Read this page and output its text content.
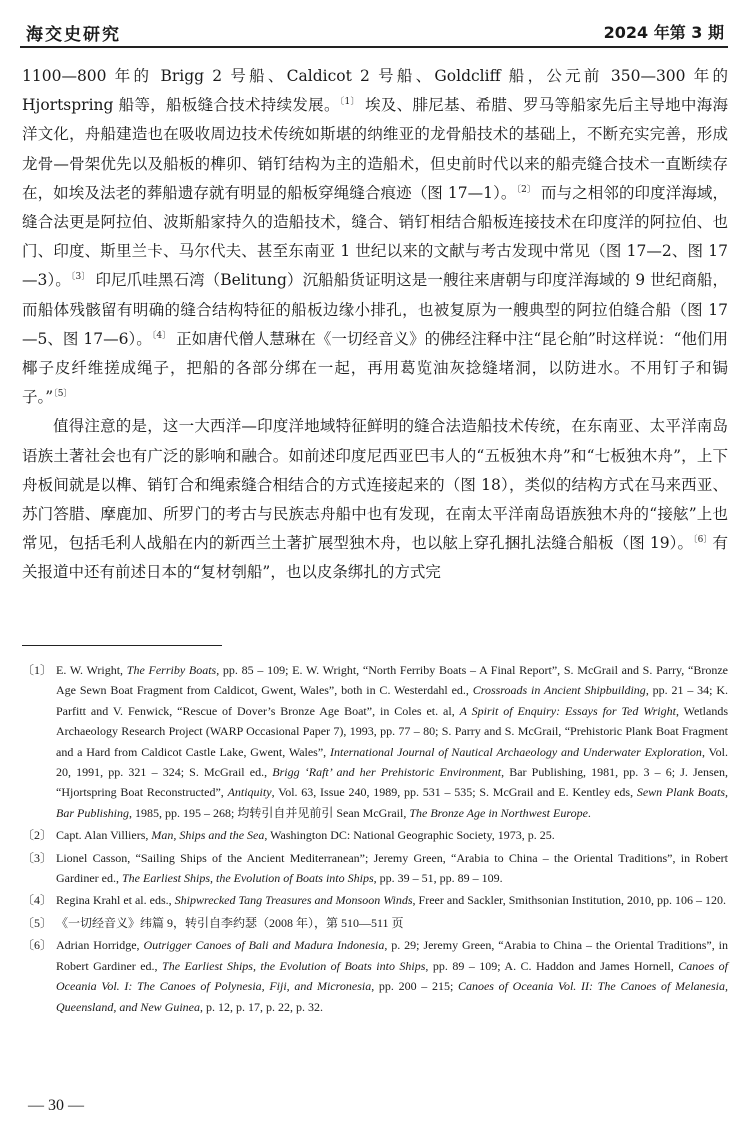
海交史研究	2024 年第 3 期

1100—800 年的 Brigg 2 号船、Caldicot 2 号船、Goldcliff 船，公元前 350—300 年的 Hjortspring 船等，船板缝合技术持续发展。$^{〔1〕}$ 埃及、腓尼基、希腊、罗马等船家先后主导地中海海洋文化，舟船建造也在吸收周边技术传统如斯堪的纳维亚的龙骨船技术的基础上，不断充实完善，形成龙骨—骨架优先以及船板的榫卯、销钉结构为主的造船术，但史前时代以来的船壳缝合技术一直断续存在，如埃及法老的葬船遗存就有明显的船板穿绳缝合痕迹（图 17—1）。$^{〔2〕}$ 而与之相邻的印度洋海域，缝合法更是阿拉伯、波斯船家持久的造船技术，缝合、销钉相结合船板连接技术在印度洋的阿拉伯、也门、印度、斯里兰卡、马尔代夫、甚至东南亚 1 世纪以来的文献与考古发现中常见（图 17—2、图 17—3）。$^{〔3〕}$ 印尼爪哇黑石湾（Belitung）沉船船货证明这是一艘往来唐朝与印度洋海域的 9 世纪商船，而船体残骸留有明确的缝合结构特征的船板边缘小排孔，也被复原为一艘典型的阿拉伯缝合船（图 17—5、图 17—6）。$^{〔4〕}$ 正如唐代僧人慧琳在《一切经音义》的佛经注释中注“昆仑舶”时这样说：“他们用椰子皮纤维搓成绳子，把船的各部分绑在一起，再用葛览油灰捻缝堵洞，以防进水。不用钉子和锔子。”$^{〔5〕}$

值得注意的是，这一大西洋—印度洋地域特征鲜明的缝合法造船技术传统，在东南亚、太平洋南岛语族土著社会也有广泛的影响和融合。如前述印度尼西亚巴韦人的“五板独木舟”和“七板独木舟”，上下舟板间就是以榫、销钉合和绳索缝合相结合的方式连接起来的（图 18），类似的结构方式在马来西亚、苏门答腊、摩鹿加、所罗门的考古与民族志舟船中也有发现，在南太平洋南岛语族独木舟的“接舷”上也常见，包括毛利人战船在内的新西兰土著扩展型独木舟，也以舷上穿孔捆扎法缝合船板（图 19）。$^{〔6〕}$有关报道中还有前述日本的“复材刳船”，也以皮条绑扎的方式完

〔1〕 E. W. Wright, The Ferriby Boats, pp. 85 – 109; E. W. Wright, “North Ferriby Boats – A Final Report”, S. McGrail and S. Parry, “Bronze Age Sewn Boat Fragment from Caldicot, Gwent, Wales”, both in C. Westerdahl ed., Crossroads in Ancient Shipbuilding, pp. 21 – 34; K. Parfitt and V. Fenwick, “Rescue of Dover’s Bronze Age Boat”, in Coles et. al, A Spirit of Enquiry: Essays for Ted Wright, Wetlands Archaeology Research Project (WARP Occasional Paper 7), 1993, pp. 77 – 80; S. Parry and S. McGrail, “Prehistoric Plank Boat Fragment and a Hard from Caldicot Castle Lake, Gwent, Wales”, International Journal of Nautical Archaeology and Underwater Exploration, Vol. 20, 1991, pp. 321 – 324; S. McGrail ed., Brigg ‘Raft’ and her Prehistoric Environment, Bar Publishing, 1981, pp. 3 – 6; J. Jensen, “Hjortspring Boat Reconstructed”, Antiquity, Vol. 63, Issue 240, 1989, pp. 531 – 535; S. McGrail and E. Kentley eds, Sewn Plank Boats, Bar Publishing, 1985, pp. 195 – 268; 均转引自并见前引 Sean McGrail, The Bronze Age in Northwest Europe.
〔2〕 Capt. Alan Villiers, Man, Ships and the Sea, Washington DC: National Geographic Society, 1973, p. 25.
〔3〕 Lionel Casson, “Sailing Ships of the Ancient Mediterranean”; Jeremy Green, “Arabia to China – the Oriental Traditions”, in Robert Gardiner ed., The Earliest Ships, the Evolution of Boats into Ships, pp. 39 – 51, pp. 89 – 109.
〔4〕 Regina Krahl et al. eds., Shipwrecked Tang Treasures and Monsoon Winds, Freer and Sackler, Smithsonian Institution, 2010, pp. 106 – 120.
〔5〕 《一切经音义》纬篇 9，转引自李约瑟（2008 年），第 510—511 页
〔6〕 Adrian Horridge, Outrigger Canoes of Bali and Madura Indonesia, p. 29; Jeremy Green, “Arabia to China – the Oriental Traditions”, in Robert Gardiner ed., The Earliest Ships, the Evolution of Boats into Ships, pp. 89 – 109; A. C. Haddon and James Hornell, Canoes of Oceania Vol. I: The Canoes of Polynesia, Fiji, and Micronesia, pp. 200 – 215; Canoes of Oceania Vol. II: The Canoes of Melanesia, Queensland, and New Guinea, p. 12, p. 17, p. 22, p. 32.
— 30 —
